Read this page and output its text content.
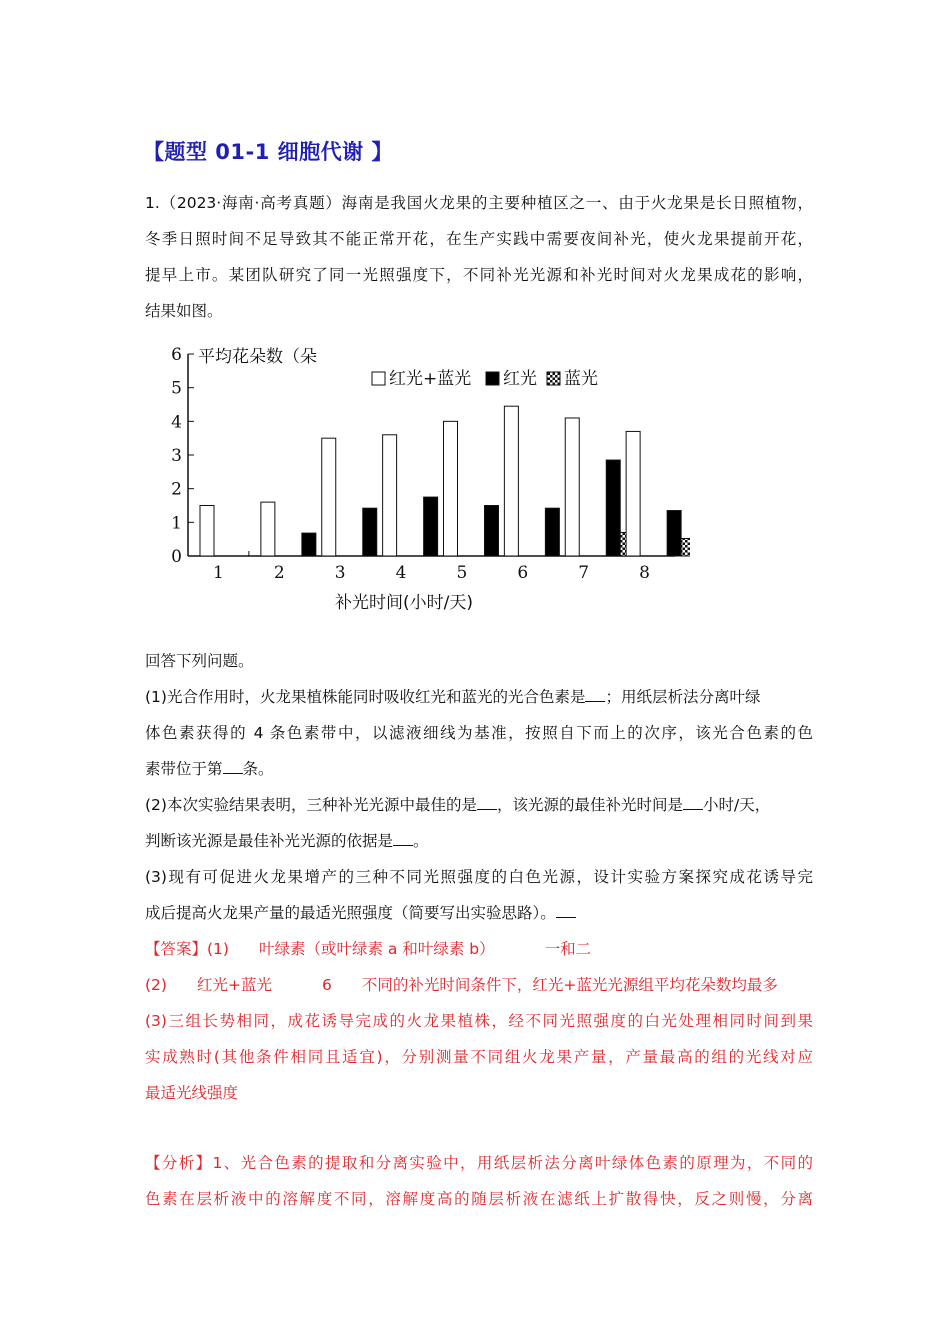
【题型 01-1 细胞代谢 】
1.（2023·海南·高考真题）海南是我国火龙果的主要种植区之一、由于火龙果是长日照植物，
冬季日照时间不足导致其不能正常开花，在生产实践中需要夜间补光，使火龙果提前开花，
提早上市。某团队研究了同一光照强度下，不同补光光源和补光时间对火龙果成花的影响，
结果如图。
0
1
2
3
4
5
6
1	2	3	4	5	6	7	8
平均花朵数（朵
补光时间(小时/天)
红光+蓝光 红光 蓝光
回答下列问题。
(1)光合作用时，火龙果植株能同时吸收红光和蓝光的光合色素是 ；用纸层析法分离叶绿
体色素获得的 4 条色素带中，以滤液细线为基准，按照自下而上的次序，该光合色素的色
素带位于第 条。
(2)本次实验结果表明，三种补光光源中最佳的是 ，该光源的最佳补光时间是 小时/天，
判断该光源是最佳补光光源的依据是 。
(3)现有可促进火龙果增产的三种不同光照强度的白色光源，设计实验方案探究成花诱导完
成后提高火龙果产量的最适光照强度（简要写出实验思路）。
【答案】(1) 叶绿素（或叶绿素 a 和叶绿素 b）	一和二
(2) 红光+蓝光	6 不同的补光时间条件下，红光+蓝光光源组平均花朵数均最多
(3)三组长势相同，成花诱导完成的火龙果植株，经不同光照强度的白光处理相同时间到果
实成熟时(其他条件相同且适宜)，分别测量不同组火龙果产量，产量最高的组的光线对应
最适光线强度
【分析】1、光合色素的提取和分离实验中，用纸层析法分离叶绿体色素的原理为，不同的
色素在层析液中的溶解度不同，溶解度高的随层析液在滤纸上扩散得快，反之则慢，分离
